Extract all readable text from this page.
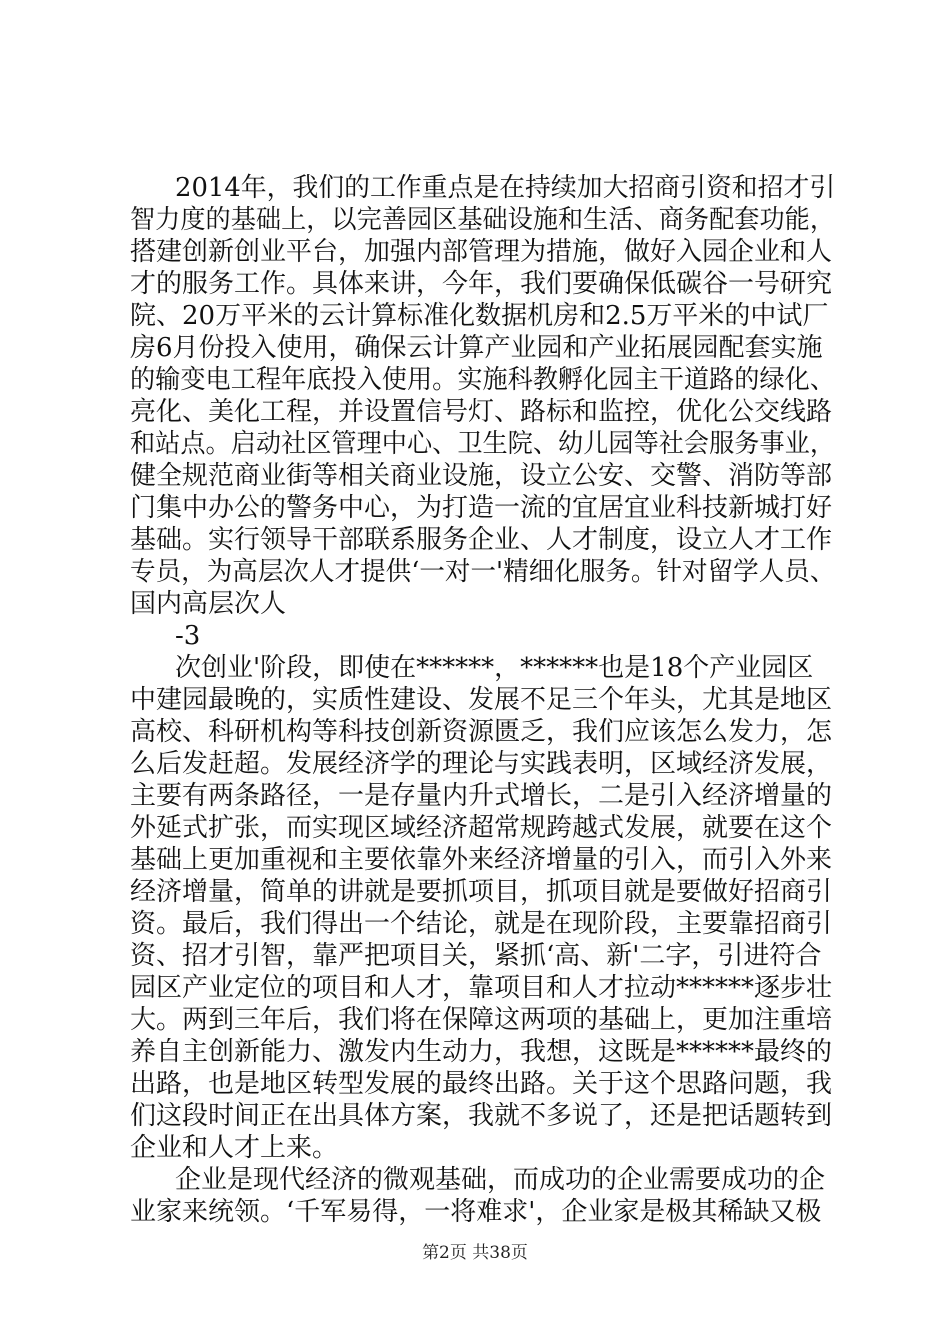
2014年，我们的工作重点是在持续加大招商引资和招才引
智力度的基础上，以完善园区基础设施和生活、商务配套功能，
搭建创新创业平台，加强内部管理为措施，做好入园企业和人
才的服务工作。具体来讲，今年，我们要确保低碳谷一号研究
院、20万平米的云计算标准化数据机房和2.5万平米的中试厂
房6月份投入使用，确保云计算产业园和产业拓展园配套实施
的输变电工程年底投入使用。实施科教孵化园主干道路的绿化、
亮化、美化工程，并设置信号灯、路标和监控，优化公交线路
和站点。启动社区管理中心、卫生院、幼儿园等社会服务事业，
健全规范商业街等相关商业设施，设立公安、交警、消防等部
门集中办公的警务中心，为打造一流的宜居宜业科技新城打好
基础。实行领导干部联系服务企业、人才制度，设立人才工作
专员，为高层次人才提供‘一对一'精细化服务。针对留学人员、
国内高层次人
-3
次创业'阶段，即使在******，******也是18个产业园区
中建园最晚的，实质性建设、发展不足三个年头，尤其是地区
高校、科研机构等科技创新资源匮乏，我们应该怎么发力，怎
么后发赶超。发展经济学的理论与实践表明，区域经济发展，
主要有两条路径，一是存量内升式增长，二是引入经济增量的
外延式扩张，而实现区域经济超常规跨越式发展，就要在这个
基础上更加重视和主要依靠外来经济增量的引入，而引入外来
经济增量，简单的讲就是要抓项目，抓项目就是要做好招商引
资。最后，我们得出一个结论，就是在现阶段，主要靠招商引
资、招才引智，靠严把项目关，紧抓‘高、新'二字，引进符合
园区产业定位的项目和人才，靠项目和人才拉动******逐步壮
大。两到三年后，我们将在保障这两项的基础上，更加注重培
养自主创新能力、激发内生动力，我想，这既是******最终的
出路，也是地区转型发展的最终出路。关于这个思路问题，我
们这段时间正在出具体方案，我就不多说了，还是把话题转到
企业和人才上来。
企业是现代经济的微观基础，而成功的企业需要成功的企
业家来统领。‘千军易得，一将难求'，企业家是极其稀缺又极
第2页 共38页
